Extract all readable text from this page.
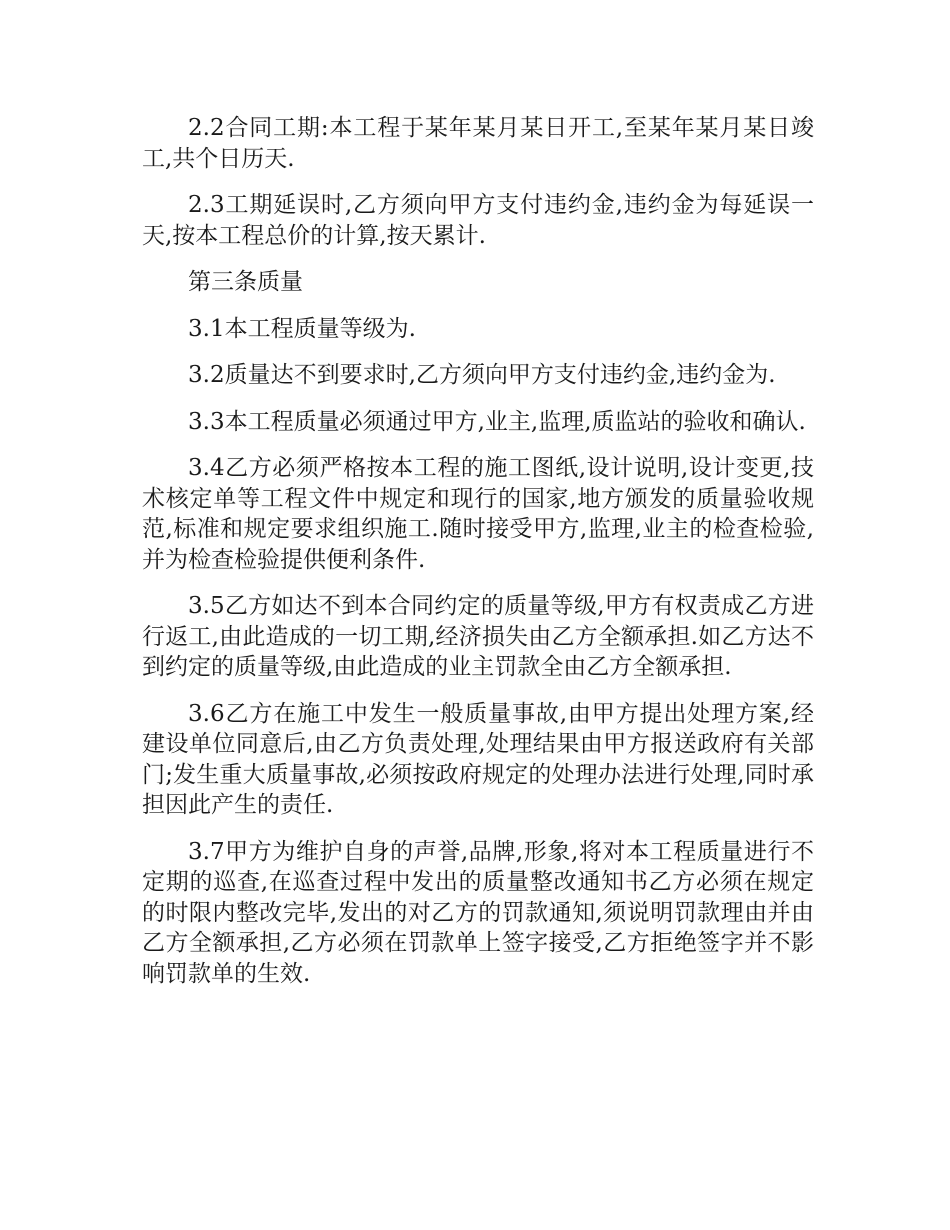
2.2合同工期:本工程于某年某月某日开工,至某年某月某日竣工,共个日历天.

2.3工期延误时,乙方须向甲方支付违约金,违约金为每延误一天,按本工程总价的计算,按天累计.

第三条质量

3.1本工程质量等级为.

3.2质量达不到要求时,乙方须向甲方支付违约金,违约金为.

3.3本工程质量必须通过甲方,业主,监理,质监站的验收和确认.

3.4乙方必须严格按本工程的施工图纸,设计说明,设计变更,技术核定单等工程文件中规定和现行的国家,地方颁发的质量验收规范,标准和规定要求组织施工.随时接受甲方,监理,业主的检查检验,并为检查检验提供便利条件.

3.5乙方如达不到本合同约定的质量等级,甲方有权责成乙方进行返工,由此造成的一切工期,经济损失由乙方全额承担.如乙方达不到约定的质量等级,由此造成的业主罚款全由乙方全额承担.

3.6乙方在施工中发生一般质量事故,由甲方提出处理方案,经建设单位同意后,由乙方负责处理,处理结果由甲方报送政府有关部门;发生重大质量事故,必须按政府规定的处理办法进行处理,同时承担因此产生的责任.

3.7甲方为维护自身的声誉,品牌,形象,将对本工程质量进行不定期的巡查,在巡查过程中发出的质量整改通知书乙方必须在规定的时限内整改完毕,发出的对乙方的罚款通知,须说明罚款理由并由乙方全额承担,乙方必须在罚款单上签字接受,乙方拒绝签字并不影响罚款单的生效.
